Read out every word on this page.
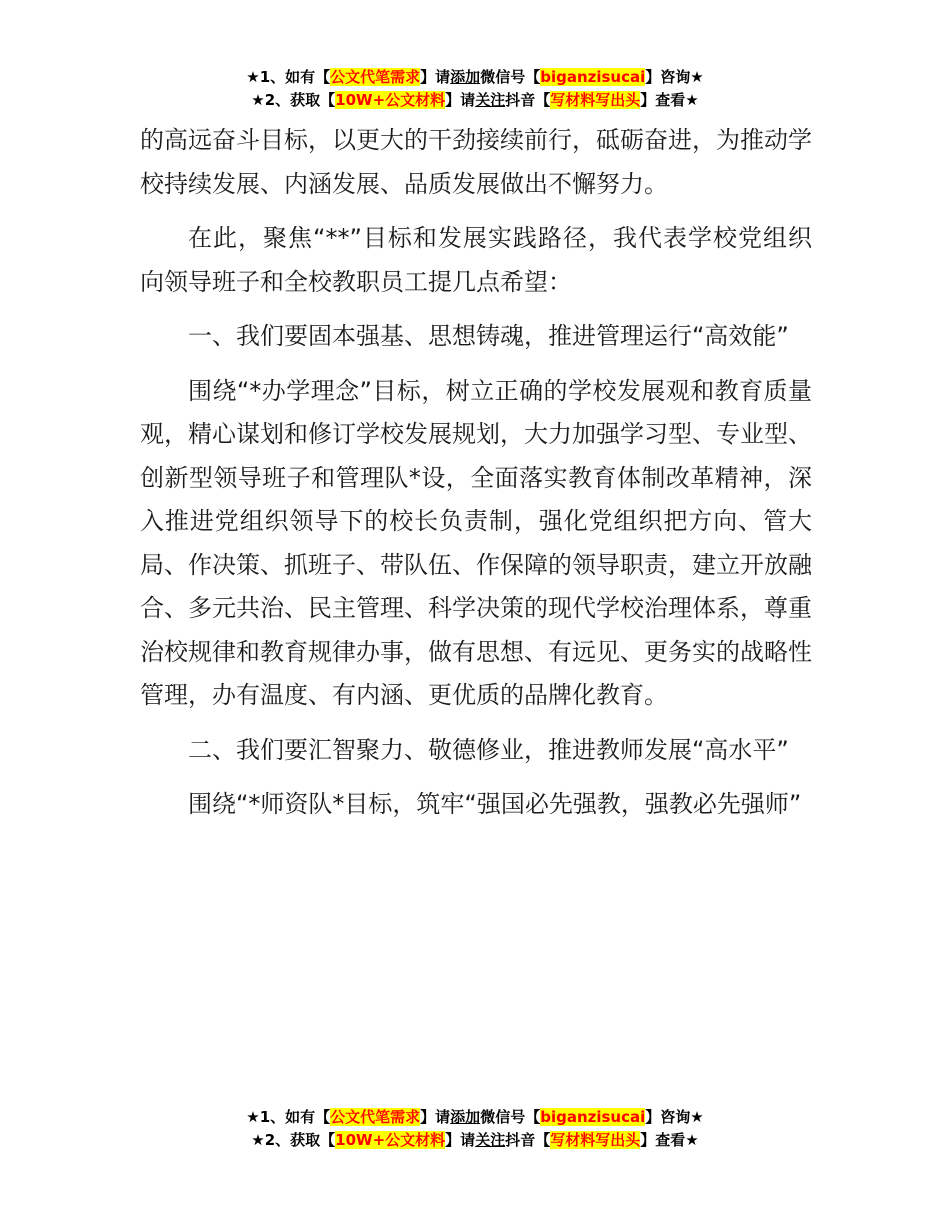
★1、如有【公文代笔需求】请添加微信号【biganzisucai】咨询★
★2、获取【10W+公文材料】请关注抖音【写材料写出头】查看★

的高远奋斗目标，以更大的干劲接续前行，砥砺奋进，为推动学校持续发展、内涵发展、品质发展做出不懈努力。

在此，聚焦“**”目标和发展实践路径，我代表学校党组织向领导班子和全校教职员工提几点希望：

一、我们要固本强基、思想铸魂，推进管理运行“高效能”

围绕“*办学理念”目标，树立正确的学校发展观和教育质量观，精心谋划和修订学校发展规划，大力加强学习型、专业型、创新型领导班子和管理队*设，全面落实教育体制改革精神，深入推进党组织领导下的校长负责制，强化党组织把方向、管大局、作决策、抓班子、带队伍、作保障的领导职责，建立开放融合、多元共治、民主管理、科学决策的现代学校治理体系，尊重治校规律和教育规律办事，做有思想、有远见、更务实的战略性管理，办有温度、有内涵、更优质的品牌化教育。

二、我们要汇智聚力、敬德修业，推进教师发展“高水平”

围绕“*师资队*目标，筑牢“强国必先强教，强教必先强师”

★1、如有【公文代笔需求】请添加微信号【biganzisucai】咨询★
★2、获取【10W+公文材料】请关注抖音【写材料写出头】查看★
